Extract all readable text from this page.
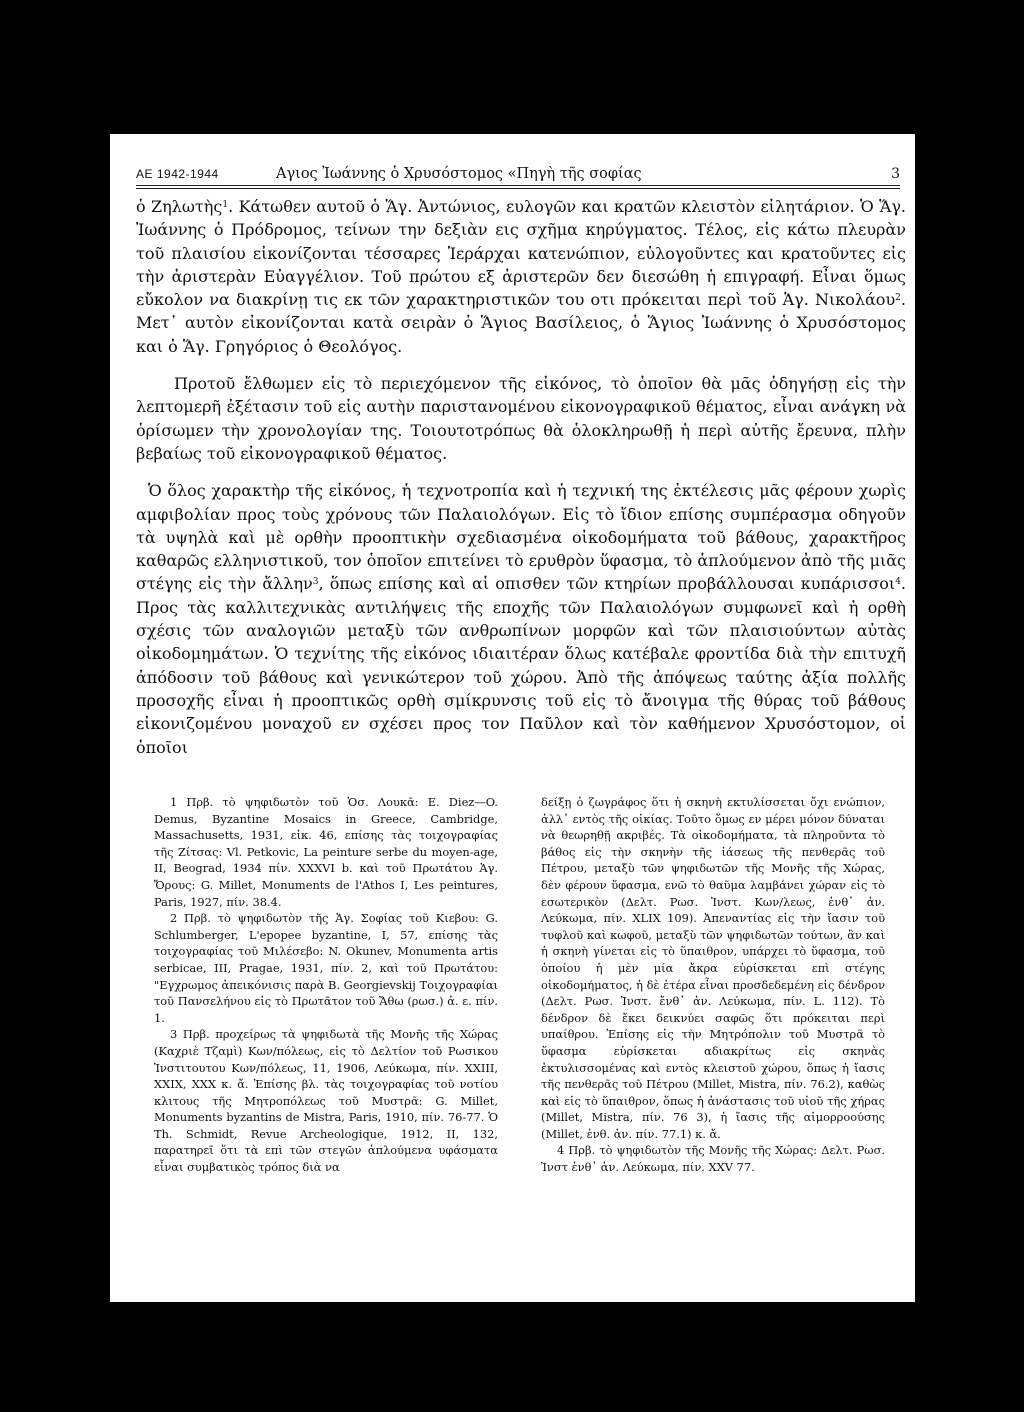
ΑΕ 1942-1944	Αγιος Ἰωάννης ὁ Χρυσόστομος «Πηγὴ τῆς σοφίας	3

ὁ Ζηλωτὴς$^1$. Κάτωθεν αυτοῦ ὁ Ἅγ. Ἀντώνιος, ευλογῶν και κρατῶν κλειστὸν εἰλητάριον. Ὁ Ἅγ. Ἰωάννης ὁ Πρόδρομος, τείνων την δεξιὰν εις σχῆμα κηρύγματος. Τέλος, εἰς κάτω πλευρὰν τοῦ πλαισίου εἰκονίζονται τέσσαρες Ἱεράρχαι κατενώπιον, εὐλογοῦντες και κρατοῦντες εἰς τὴν ἀριστερὰν Εὐαγγέλιον. Τοῦ πρώτου εξ ἀριστερῶν δεν διεσώθη ἡ επιγραφή. Εἶναι ὅμως εὔκολον να διακρίνῃ τις εκ τῶν χαρακτηριστικῶν του οτι πρόκειται περὶ τοῦ Ἁγ. Νικολάου$^2$. Μετ᾽ αυτὸν εἰκονίζονται κατὰ σειρὰν ὁ Ἅγιος Βασίλειος, ὁ Ἅγιος Ἰωάννης ὁ Χρυσόστομος και ὁ Ἅγ. Γρηγόριος ὁ Θεολόγος.

Προτοῦ ἔλθωμεν εἰς τὸ περιεχόμενον τῆς εἰκόνος, τὸ ὁποῖον θὰ μᾶς ὁδηγήσῃ εἰς τὴν λεπτομερῆ ἐξέτασιν τοῦ εἰς αυτὴν παριστανομένου εἰκονογραφικοῦ θέματος, εἶναι ανάγκη νὰ ὁρίσωμεν τὴν χρονολογίαν της. Τοιουτοτρόπως θὰ ὁλοκληρωθῇ ἡ περὶ αὐτῆς ἔρευνα, πλὴν βεβαίως τοῦ εἰκονογραφικοῦ θέματος.

Ὁ ὅλος χαρακτὴρ τῆς εἰκόνος, ἡ τεχνοτροπία καὶ ἡ τεχνική της ἐκτέλεσις μᾶς φέρουν χωρὶς αμφιβολίαν προς τοὺς χρόνους τῶν Παλαιολόγων. Εἰς τὸ ἴδιον επίσης συμπέρασμα οδηγοῦν τὰ υψηλὰ καὶ μὲ ορθὴν προοπτικὴν σχεδιασμένα οἰκοδομήματα τοῦ βάθους, χαρακτῆρος καθαρῶς ελληνιστικοῦ, τον ὁποῖον επιτείνει τὸ ερυθρὸν ὕφασμα, τὸ ἁπλούμενον ἀπὸ τῆς μιᾶς στέγης εἰς τὴν ἄλλην$^3$, ὅπως επίσης καὶ αἱ οπισθεν τῶν κτηρίων προβάλλουσαι κυπάρισσοι$^4$. Προς τὰς καλλιτεχνικὰς αντιλήψεις τῆς εποχῆς τῶν Παλαιολόγων συμφωνεῖ καὶ ἡ ορθὴ σχέσις τῶν αναλογιῶν μεταξὺ τῶν ανθρωπίνων μορφῶν καὶ τῶν πλαισιούντων αὐτὰς οἰκοδομημάτων. Ὁ τεχνίτης τῆς εἰκόνος ιδιαιτέραν ὅλως κατέβαλε φροντίδα διὰ τὴν επιτυχῆ ἀπόδοσιν τοῦ βάθους καὶ γενικώτερον τοῦ χώρου. Ἀπὸ τῆς ἀπόψεως ταύτης ἀξία πολλῆς προσοχῆς εἶναι ἡ προοπτικῶς ορθὴ σμίκρυνσις τοῦ εἰς τὸ ἄνοιγμα τῆς θύρας τοῦ βάθους εἰκονιζομένου μοναχοῦ εν σχέσει προς τον Παῦλον καὶ τὸν καθήμενον Χρυσόστομον, οἱ ὁποῖοι

1 Πρβ. τὸ ψηφιδωτὸν τοῦ Ὁσ. Λουκᾶ: E. Diez—O. Demus, Byzantine Mosaics in Greece, Cambridge, Massachusetts, 1931, εἰκ. 46, επίσης τὰς τοιχογραφίας τῆς Ζίτσας: Vl. Petkovic, La peinture serbe du moyen-age, II, Beograd, 1934 πίν. XXXVI b. καὶ τοῦ Πρωτάτου Ἁγ. Ὄρους: G. Millet, Monuments de l'Athos I, Les peintures, Paris, 1927, πίν. 38.4.

2 Πρβ. τὸ ψηφιδωτὸν τῆς Ἁγ. Σοφίας τοῦ Κιεβου: G. Schlumberger, L'epopee byzantine, I, 57, επίσης τὰς τοιχογραφίας τοῦ Μιλέσεβο: N. Okunev, Monumenta artis serbicae, III, Pragae, 1931, πίν. 2, καὶ τοῦ Πρωτάτου: "Εγχρωμος ἀπεικόνισις παρὰ B. Georgievskij Τοιχογραφίαι τοῦ Πανσελήνου εἰς τὸ Πρωτᾶτον τοῦ Ἄθω (ρωσ.) ἀ. ε. πίν. 1.

3 Πρβ. προχείρως τὰ ψηφιδωτὰ τῆς Μονῆς τῆς Χώρας (Καχριὲ Τζαμὶ) Κων/πόλεως, εἰς τὸ Δελτίον τοῦ Ρωσικου Ἰνστιτουτου Κων/πόλεως, 11, 1906, Λεύκωμα, πίν. XXIII, XXIX, XXX κ. ἄ. Ἐπίσης βλ. τὰς τοιχογραφίας τοῦ νοτίου κλιτους τῆς Μητροπόλεως τοῦ Μυστρᾶ: G. Millet, Monuments byzantins de Mistra, Paris, 1910, πίν. 76-77. Ὁ Th. Schmidt, Revue Archeologique, 1912, II, 132, παρατηρεῖ ὅτι τὰ επὶ τῶν στεγῶν ἁπλούμενα υφάσματα εἶναι συμβατικὸς τρόπος διὰ να

δείξῃ ὁ ζωγράφος ὅτι ἡ σκηνὴ εκτυλίσσεται ὄχι ενώπιον, ἀλλ᾽ εντὸς τῆς οἰκίας. Τοῦτο ὅμως εν μέρει μόνον δύναται νὰ θεωρηθῇ ακριβές. Τὰ οἰκοδομήματα, τὰ πληροῦντα τὸ βάθος εἰς τὴν σκηνὴν τῆς ἰάσεως τῆς πενθερᾶς τοῦ Πέτρου, μεταξὺ τῶν ψηφιδωτῶν τῆς Μονῆς τῆς Χώρας, δὲν φέρουν ὕφασμα, ενῶ τὸ θαῦμα λαμβάνει χώραν εἰς τὸ εσωτερικὸν (Δελτ. Ρωσ. Ἰνστ. Κων/λεως, ἐνθ᾽ ἀν. Λεύκωμα, πίν. XLIX 109). Ἀπεναντίας εἰς τὴν ἴασιν τοῦ τυφλοῦ καὶ κωφοῦ, μεταξὺ τῶν ψηφιδωτῶν τούτων, ἂν καὶ ἡ σκηνὴ γίνεται εἰς τὸ ὕπαιθρον, υπάρχει τὸ ὕφασμα, τοῦ ὁποίου ἡ μὲν μία ἄκρα εὑρίσκεται επὶ στέγης οἰκοδομήματος, ἡ δὲ ἑτέρα εἶναι προσδεδεμένη εἰς δένδρον (Δελτ. Ρωσ. Ἰνστ. ἔνθ᾽ ἀν. Λεύκωμα, πίν. L. 112). Τὸ δένδρον δὲ ἔκει δεικνύει σαφῶς ὅτι πρόκειται περὶ υπαίθρου. Ἐπίσης εἰς τὴν Μητρόπολιν τοῦ Μυστρᾶ τὸ ὕφασμα εὑρίσκεται αδιακρίτως εἰς σκηνὰς ἐκτυλισσομένας καὶ εντὸς κλειστοῦ χώρου, ὅπως ἡ ἴασις τῆς πενθερᾶς τοῦ Πέτρου (Millet, Mistra, πίν. 76.2), καθὼς καὶ εἰς τὸ ὕπαιθρον, ὅπως ἡ ἀνάστασις τοῦ υἱοῦ τῆς χήρας (Millet, Mistra, πίν. 76 3), ἡ ἴασις τῆς αἱμορροούσης (Millet, ἐνθ. ἀν. πίν. 77.1) κ. ἄ.

4 Πρβ. τὸ ψηφιδωτὸν τῆς Μονῆς τῆς Χώρας: Δελτ. Ρωσ. Ἰνστ ἐνθ᾽ ἀν. Λεύκωμα, πίν. XXV 77.
